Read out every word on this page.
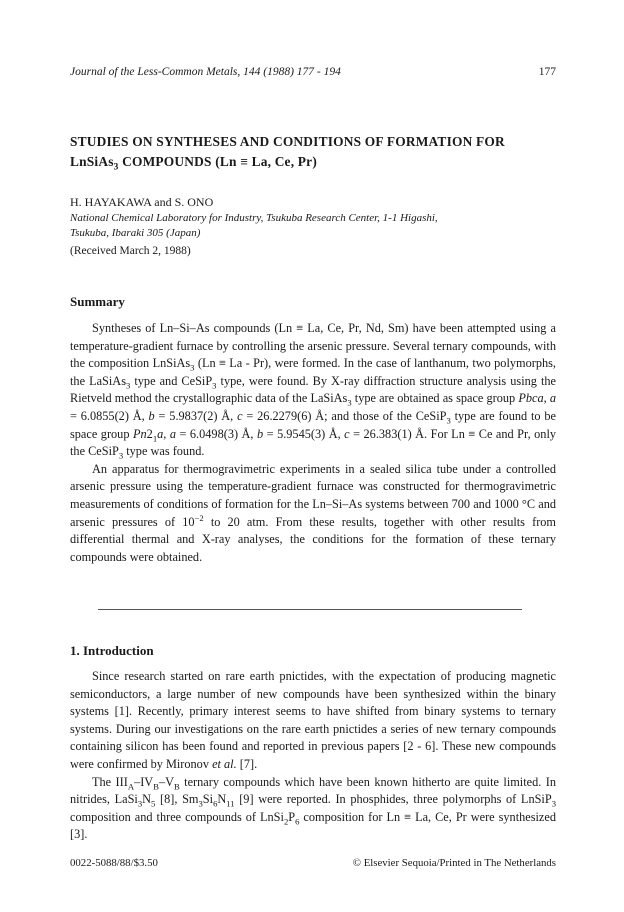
Journal of the Less-Common Metals, 144 (1988) 177 - 194	177
STUDIES ON SYNTHESES AND CONDITIONS OF FORMATION FOR
LnSiAs$_3$ COMPOUNDS (Ln ≡ La, Ce, Pr)
H. HAYAKAWA and S. ONO
National Chemical Laboratory for Industry, Tsukuba Research Center, 1-1 Higashi,
Tsukuba, Ibaraki 305 (Japan)
(Received March 2, 1988)
Summary

Syntheses of Ln–Si–As compounds (Ln ≡ La, Ce, Pr, Nd, Sm) have been attempted using a temperature-gradient furnace by controlling the arsenic pressure. Several ternary compounds, with the composition LnSiAs$_3$ (Ln ≡ La - Pr), were formed. In the case of lanthanum, two polymorphs, the LaSiAs$_3$ type and CeSiP$_3$ type, were found. By X-ray diffraction structure analysis using the Rietveld method the crystallographic data of the LaSiAs$_3$ type are obtained as space group Pbca, a = 6.0855(2) Å, b = 5.9837(2) Å, c = 26.2279(6) Å; and those of the CeSiP$_3$ type are found to be space group $Pn2_1a$, a = 6.0498(3) Å, b = 5.9545(3) Å, c = 26.383(1) Å. For Ln ≡ Ce and Pr, only the CeSiP$_3$ type was found.

An apparatus for thermogravimetric experiments in a sealed silica tube under a controlled arsenic pressure using the temperature-gradient furnace was constructed for thermogravimetric measurements of conditions of formation for the Ln–Si–As systems between 700 and 1000 °C and arsenic pressures of $10^{-2}$ to 20 atm. From these results, together with other results from differential thermal and X-ray analyses, the conditions for the formation of these ternary compounds were obtained.

1. Introduction

Since research started on rare earth pnictides, with the expectation of producing magnetic semiconductors, a large number of new compounds have been synthesized within the binary systems [1]. Recently, primary interest seems to have shifted from binary systems to ternary systems. During our investigations on the rare earth pnictides a series of new ternary compounds containing silicon has been found and reported in previous papers [2 - 6]. These new compounds were confirmed by Mironov et al. [7].

The $III_A-IV_B-V_B$ ternary compounds which have been known hitherto are quite limited. In nitrides, $LaSi_3N_5$ [8], $Sm_3Si_6N_{11}$ [9] were reported. In phosphides, three polymorphs of LnSiP$_3$ composition and three compounds of $LnSi_2P_6$ composition for Ln ≡ La, Ce, Pr were synthesized [3].

0022-5088/88/$3.50	© Elsevier Sequoia/Printed in The Netherlands
